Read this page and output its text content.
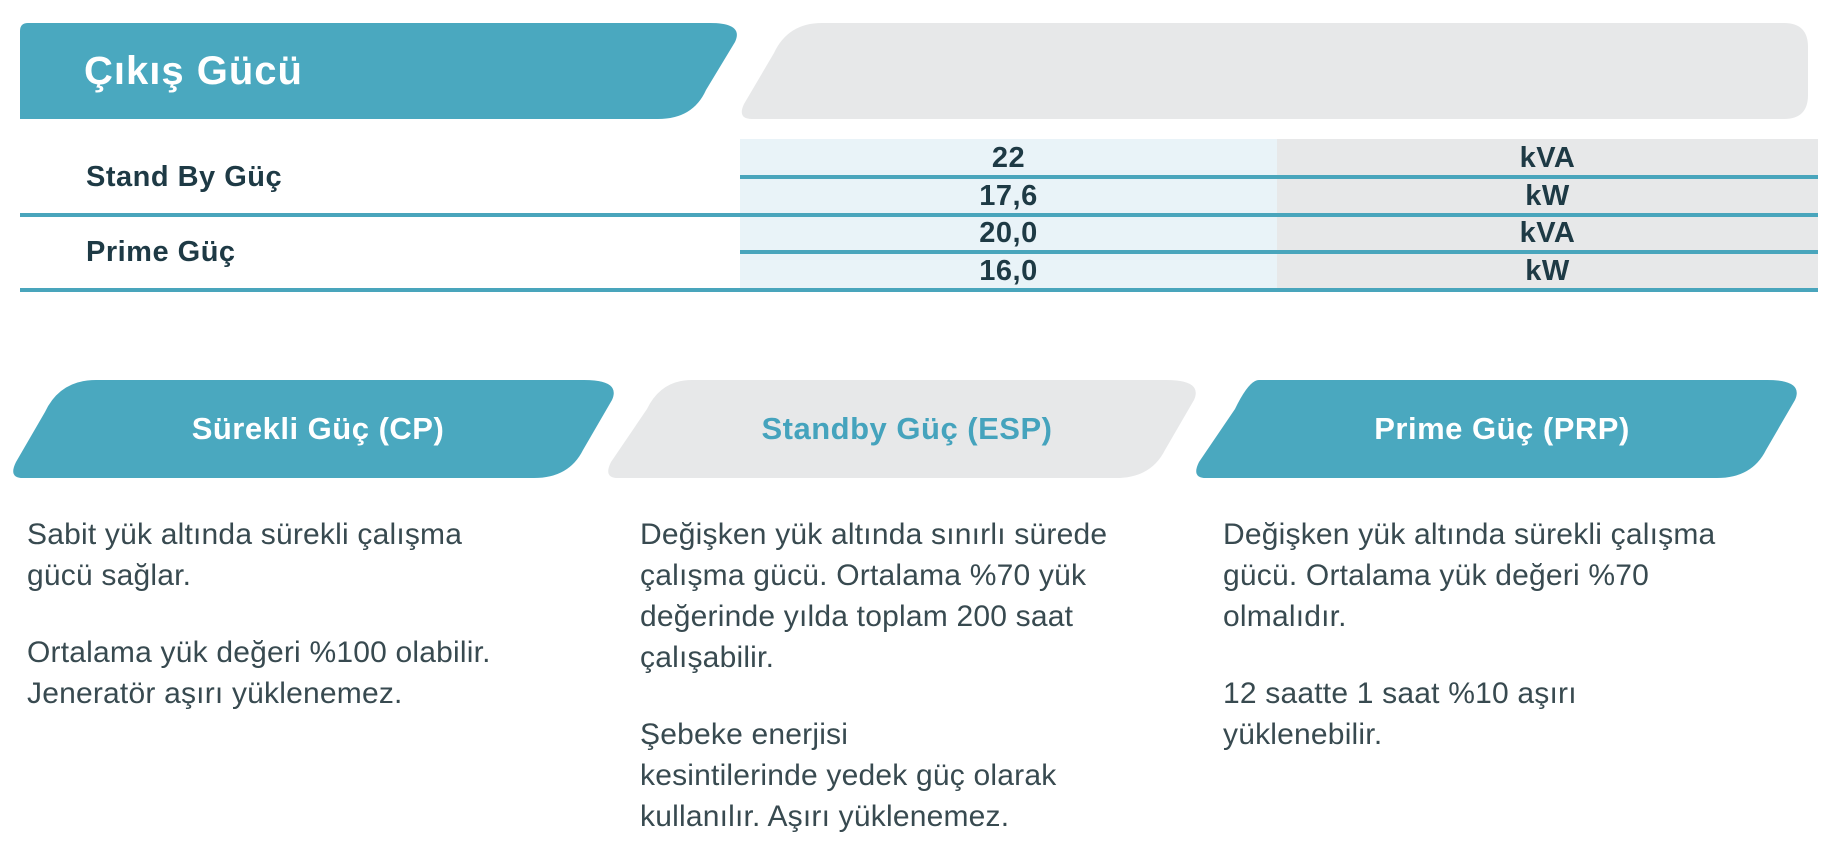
Çıkış Gücü
Stand By Güç
Prime Güç
22
17,6
20,0
16,0
kVA
kW
kVA
kW
Sürekli Güç (CP)	Standby Güç (ESP)	Prime Güç (PRP)
Sabit yük altında sürekli çalışma
gücü sağlar.
Ortalama yük değeri %100 olabilir.
Jeneratör aşırı yüklenemez.
Değişken yük altında sınırlı sürede
çalışma gücü. Ortalama %70 yük
değerinde yılda toplam 200 saat
çalışabilir.
Şebeke enerjisi
kesintilerinde yedek güç olarak
kullanılır. Aşırı yüklenemez.
Değişken yük altında sürekli çalışma
gücü. Ortalama yük değeri %70
olmalıdır.
12 saatte 1 saat %10 aşırı
yüklenebilir.
